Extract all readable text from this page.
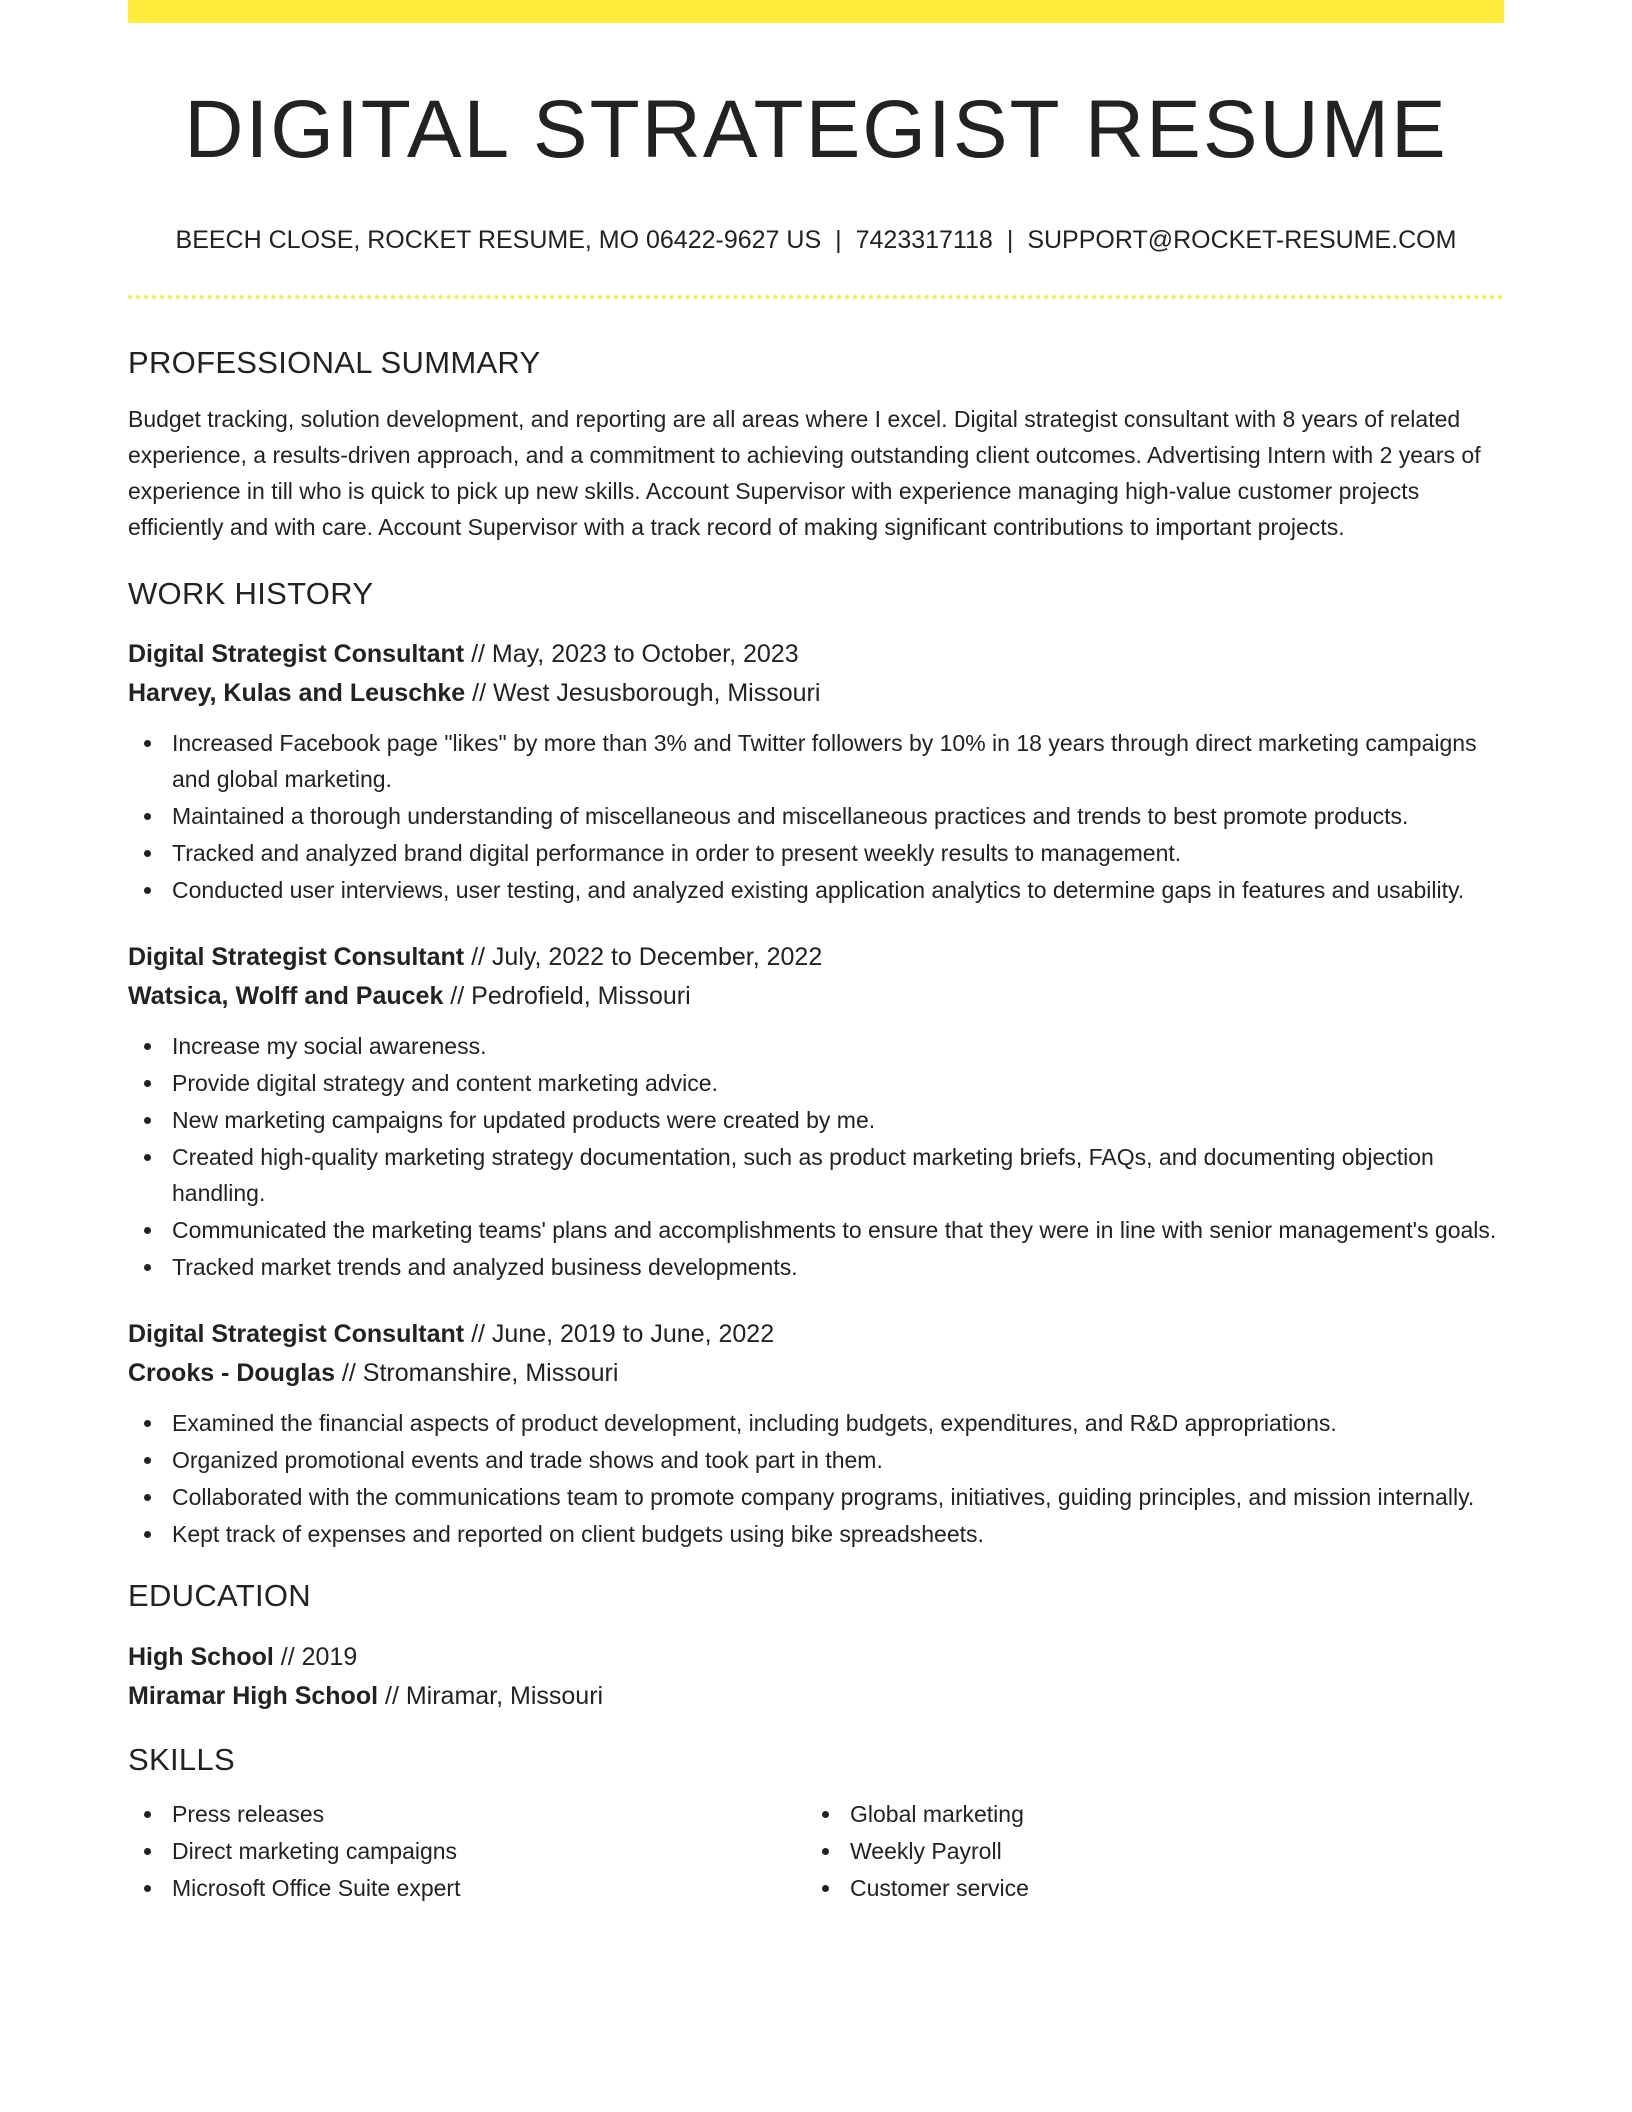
DIGITAL STRATEGIST RESUME
BEECH CLOSE, ROCKET RESUME, MO 06422-9627 US | 7423317118 | SUPPORT@ROCKET-RESUME.COM
PROFESSIONAL SUMMARY

Budget tracking, solution development, and reporting are all areas where I excel. Digital strategist consultant with 8 years of related experience, a results-driven approach, and a commitment to achieving outstanding client outcomes. Advertising Intern with 2 years of experience in till who is quick to pick up new skills. Account Supervisor with experience managing high-value customer projects efficiently and with care. Account Supervisor with a track record of making significant contributions to important projects.

WORK HISTORY
Digital Strategist Consultant // May, 2023 to October, 2023
Harvey, Kulas and Leuschke // West Jesusborough, Missouri
Increased Facebook page "likes" by more than 3% and Twitter followers by 10% in 18 years through direct marketing campaigns and global marketing.
Maintained a thorough understanding of miscellaneous and miscellaneous practices and trends to best promote products.
Tracked and analyzed brand digital performance in order to present weekly results to management.
Conducted user interviews, user testing, and analyzed existing application analytics to determine gaps in features and usability.
Digital Strategist Consultant // July, 2022 to December, 2022
Watsica, Wolff and Paucek // Pedrofield, Missouri
Increase my social awareness.
Provide digital strategy and content marketing advice.
New marketing campaigns for updated products were created by me.
Created high-quality marketing strategy documentation, such as product marketing briefs, FAQs, and documenting objection handling.
Communicated the marketing teams' plans and accomplishments to ensure that they were in line with senior management's goals.
Tracked market trends and analyzed business developments.
Digital Strategist Consultant // June, 2019 to June, 2022
Crooks - Douglas // Stromanshire, Missouri
Examined the financial aspects of product development, including budgets, expenditures, and R&D appropriations.
Organized promotional events and trade shows and took part in them.
Collaborated with the communications team to promote company programs, initiatives, guiding principles, and mission internally.
Kept track of expenses and reported on client budgets using bike spreadsheets.
EDUCATION
High School // 2019
Miramar High School // Miramar, Missouri
SKILLS
Press releases
Direct marketing campaigns
Microsoft Office Suite expert
Global marketing
Weekly Payroll
Customer service
